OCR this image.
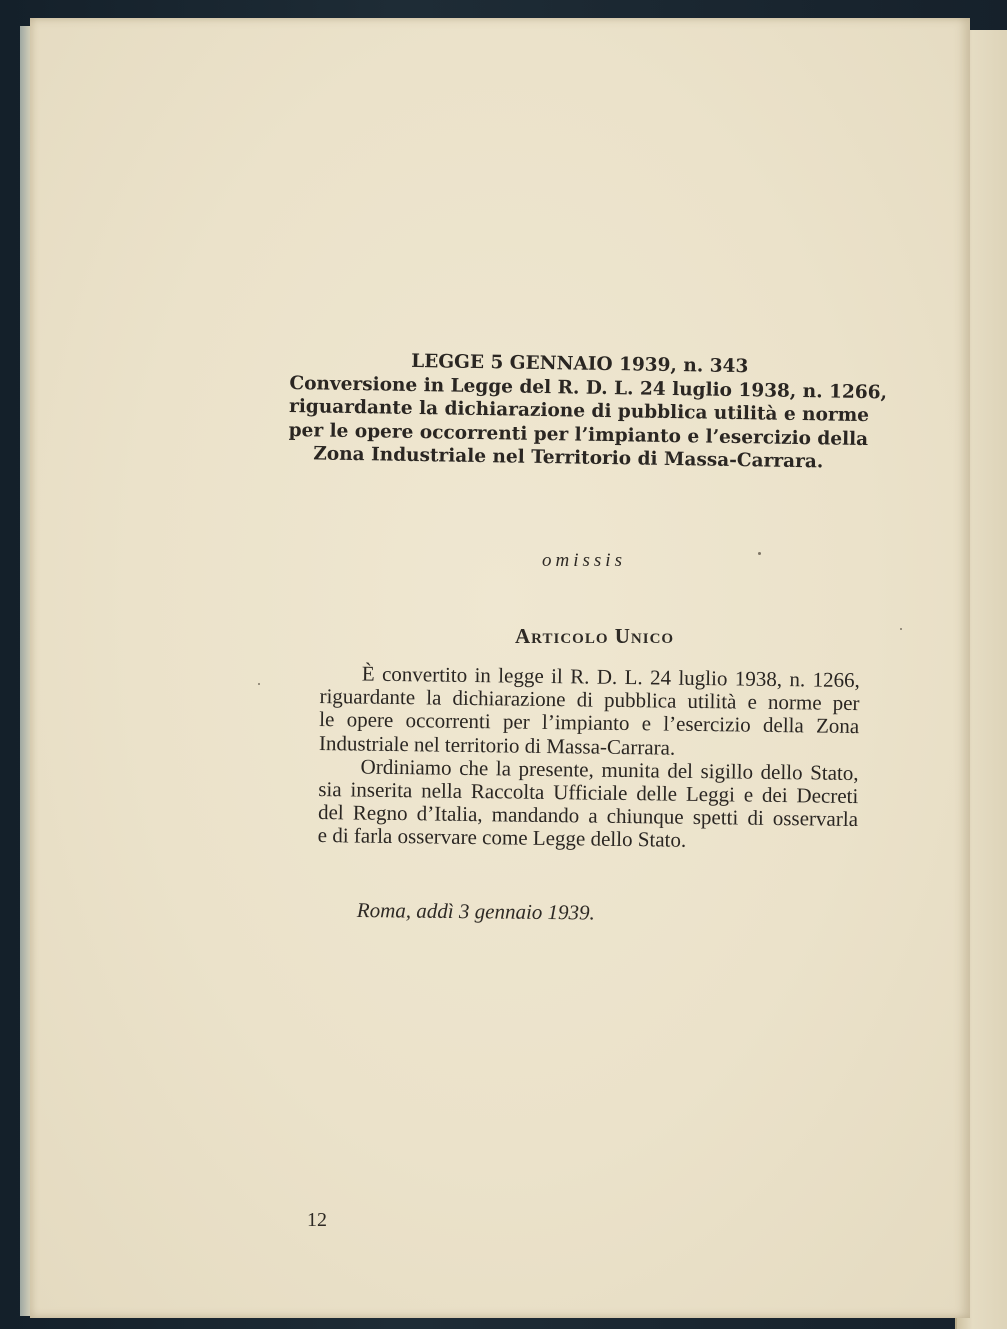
LEGGE 5 GENNAIO 1939, n. 343
Conversione in Legge del R. D. L. 24 luglio 1938, n. 1266,
riguardante la dichiarazione di pubblica utilità e norme
per le opere occorrenti per l’impianto e l’esercizio della
Zona Industriale nel Territorio di Massa-Carrara.

omissis

Articolo Unico
È convertito in legge il R. D. L. 24 luglio 1938, n. 1266,
riguardante la dichiarazione di pubblica utilità e norme per
le opere occorrenti per l’impianto e l’esercizio della Zona
Industriale nel territorio di Massa-Carrara.
Ordiniamo che la presente, munita del sigillo dello Stato,
sia inserita nella Raccolta Ufficiale delle Leggi e dei Decreti
del Regno d’Italia, mandando a chiunque spetti di osservarla
e di farla osservare come Legge dello Stato.

Roma, addì 3 gennaio 1939.

12
